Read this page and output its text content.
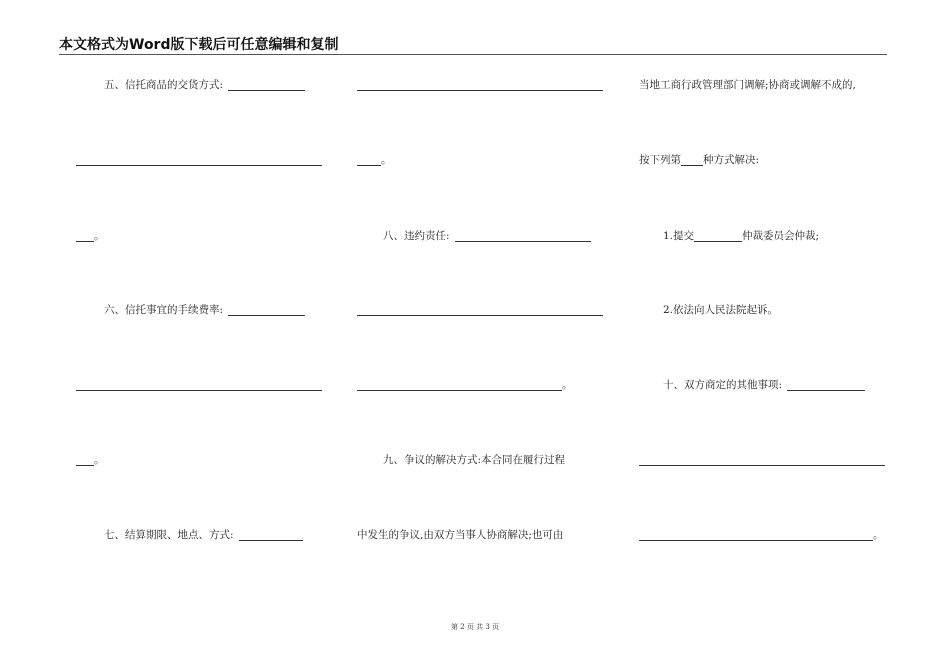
本文格式为Word版下载后可任意编辑和复制
五、信托商品的交货方式:
。
六、信托事宜的手续费率:
。
七、结算期限、地点、方式:
。
八、违约责任:
。
九、争议的解决方式:本合同在履行过程
中发生的争议,由双方当事人协商解决;也可由
当地工商行政管理部门调解;协商或调解不成的,
按下列第 种方式解决:
1.提交	仲裁委员会仲裁;
2.依法向人民法院起诉。
十、双方商定的其他事项:
。
第 2 页 共 3 页
